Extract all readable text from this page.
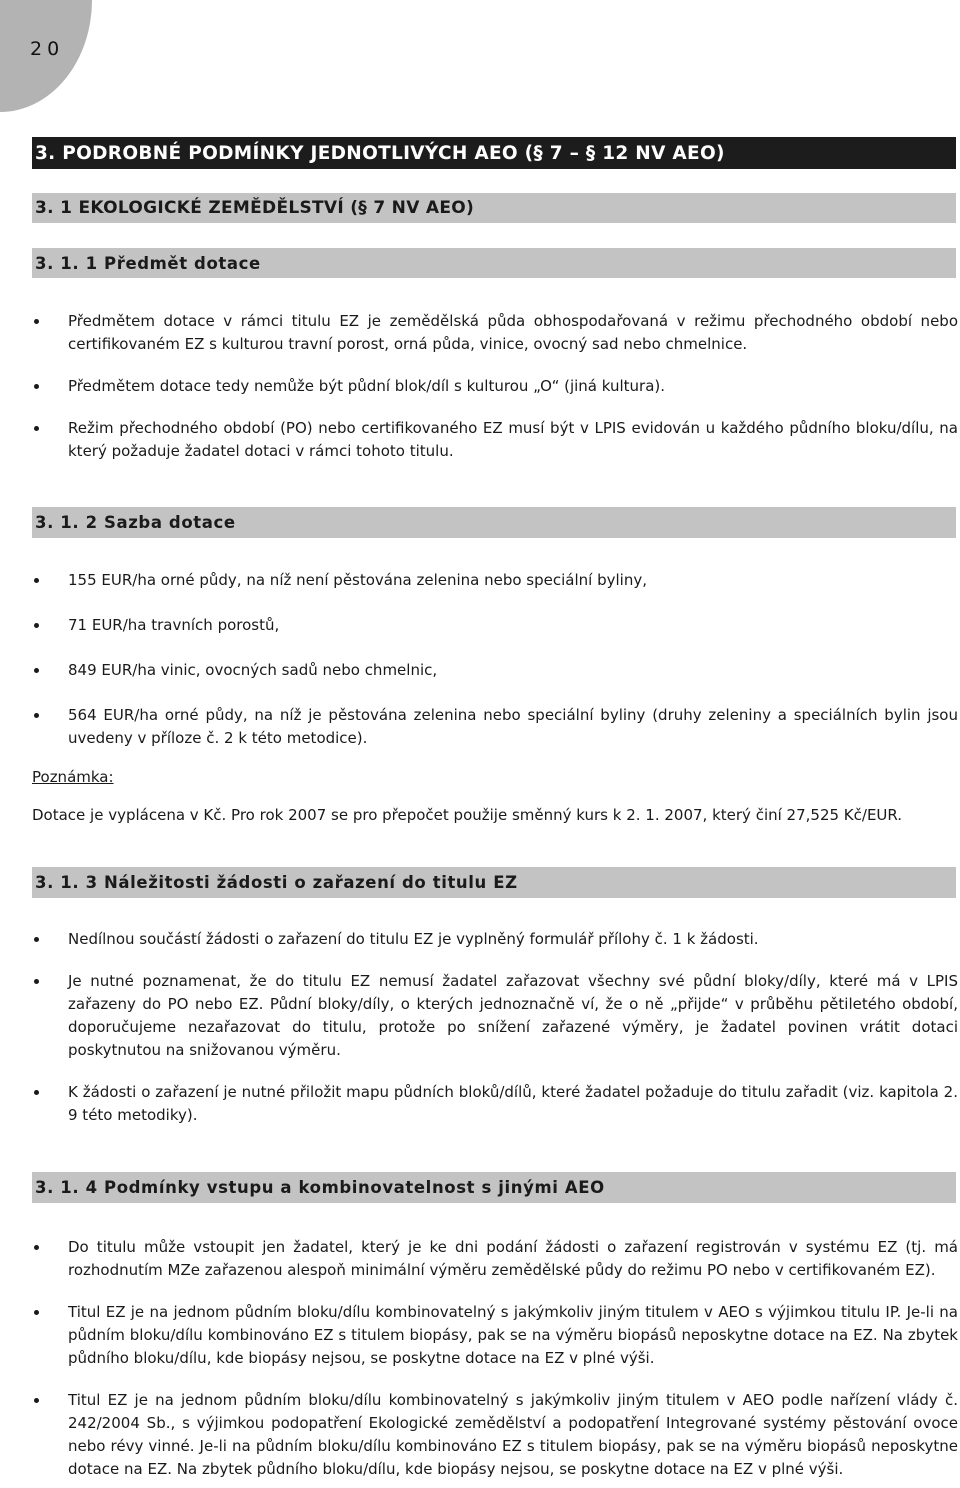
20
3. PODROBNÉ PODMÍNKY JEDNOTLIVÝCH AEO (§ 7 – § 12 NV AEO)
3. 1 EKOLOGICKÉ ZEMĚDĚLSTVÍ (§ 7 NV AEO)
3. 1. 1 Předmět dotace
Předmětem dotace v rámci titulu EZ je zemědělská půda obhospodařovaná v režimu přechodného období nebo certifikovaném EZ s kulturou travní porost, orná půda, vinice, ovocný sad nebo chmelnice.
Předmětem dotace tedy nemůže být půdní blok/díl s kulturou „O“ (jiná kultura).
Režim přechodného období (PO) nebo certifikovaného EZ musí být v LPIS evidován u každého půdního bloku/dílu, na který požaduje žadatel dotaci v rámci tohoto titulu.
3. 1. 2 Sazba dotace
155 EUR/ha orné půdy, na níž není pěstována zelenina nebo speciální byliny,
71 EUR/ha travních porostů,
849 EUR/ha vinic, ovocných sadů nebo chmelnic,
564 EUR/ha orné půdy, na níž je pěstována zelenina nebo speciální byliny (druhy zeleniny a speciálních bylin jsou uvedeny v příloze č. 2 k této metodice).
Poznámka:
Dotace je vyplácena v Kč. Pro rok 2007 se pro přepočet použije směnný kurs k 2. 1. 2007, který činí 27,525 Kč/EUR.
3. 1. 3 Náležitosti žádosti o zařazení do titulu EZ
Nedílnou součástí žádosti o zařazení do titulu EZ je vyplněný formulář přílohy č. 1 k žádosti.
Je nutné poznamenat, že do titulu EZ nemusí žadatel zařazovat všechny své půdní bloky/díly, které má v LPIS zařazeny do PO nebo EZ. Půdní bloky/díly, o kterých jednoznačně ví, že o ně „přijde“ v průběhu pětiletého období, doporučujeme nezařazovat do titulu, protože po snížení zařazené výměry, je žadatel povinen vrátit dotaci poskytnutou na snižovanou výměru.
K žádosti o zařazení je nutné přiložit mapu půdních bloků/dílů, které žadatel požaduje do titulu zařadit (viz. kapitola 2. 9 této metodiky).
3. 1. 4 Podmínky vstupu a kombinovatelnost s jinými AEO
Do titulu může vstoupit jen žadatel, který je ke dni podání žádosti o zařazení registrován v systému EZ (tj. má rozhodnutím MZe zařazenou alespoň minimální výměru zemědělské půdy do režimu PO nebo v certifikovaném EZ).
Titul EZ je na jednom půdním bloku/dílu kombinovatelný s jakýmkoliv jiným titulem v AEO s výjimkou titulu IP. Je-li na půdním bloku/dílu kombinováno EZ s titulem biopásy, pak se na výměru biopásů neposkytne dotace na EZ. Na zbytek půdního bloku/dílu, kde biopásy nejsou, se poskytne dotace na EZ v plné výši.
Titul EZ je na jednom půdním bloku/dílu kombinovatelný s jakýmkoliv jiným titulem v AEO podle nařízení vlády č. 242/2004 Sb., s výjimkou podopatření Ekologické zemědělství a podopatření Integrované systémy pěstování ovoce nebo révy vinné. Je-li na půdním bloku/dílu kombinováno EZ s titulem biopásy, pak se na výměru biopásů neposkytne dotace na EZ. Na zbytek půdního bloku/dílu, kde biopásy nejsou, se poskytne dotace na EZ v plné výši.
